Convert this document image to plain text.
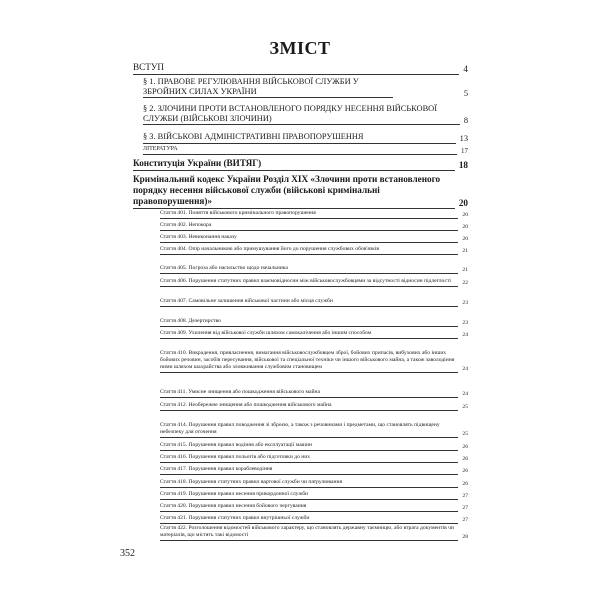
ЗМІСТ
ВСТУП	4
§ 1. ПРАВОВЕ РЕГУЛЮВАННЯ ВІЙСЬКОВОЇ СЛУЖБИ У ЗБРОЙНИХ СИЛАХ УКРАЇНИ	5
§ 2. ЗЛОЧИНИ ПРОТИ ВСТАНОВЛЕНОГО ПОРЯДКУ НЕСЕННЯ ВІЙСЬКОВОЇ СЛУЖБИ (ВІЙСЬКОВІ ЗЛОЧИНИ)	8
§ 3. ВІЙСЬКОВІ АДМІНІСТРАТИВНІ ПРАВОПОРУШЕННЯ	13
ЛІТЕРАТУРА	17
Конституція України (ВИТЯГ)	18
Кримінальний кодекс України Розділ XIX «Злочини проти встановленого порядку несення військової служби (військові кримінальні правопорушення)»	20
Стаття 401. Поняття військового кримінального правопорушення	20
Стаття 402. Непокора	20
Стаття 403. Невиконання наказу	20
Стаття 404. Опір начальникові або примушування його до порушення службових обов'язків	21
Стаття 405. Погроза або насильство щодо начальника	21
Стаття 406. Порушення статутних правил взаємовідносин між військовослужбовцями за відсутності відносин підлеглості	22
Стаття 407. Самовільне залишення військової частини або місця служби	23
Стаття 408. Дезертирство	23
Стаття 409. Ухилення від військової служби шляхом самокалічення або іншим способом	24
Стаття 410. Викрадення, привласнення, вимагання військовослужбовцем зброї, бойових припасів, вибухових або інших бойових речовин, засобів пересування, військової та спеціальної техніки чи іншого військового майна, а також заволодіння ними шляхом шахрайства або зловживання службовим становищем	24
Стаття 411. Умисне знищення або пошкодження військового майна	24
Стаття 412. Необережне знищення або пошкодження військового майна	25
Стаття 414. Порушення правил поводження зі зброєю, а також з речовинами і предметами, що становлять підвищену небезпеку для оточення	25
Стаття 415. Порушення правил водіння або експлуатації машин	26
Стаття 416. Порушення правил польотів або підготовки до них	26
Стаття 417. Порушення правил кораблеводіння	26
Стаття 418. Порушення статутних правил вартової служби чи патрулювання	26
Стаття 419. Порушення правил несення прикордонної служби	27
Стаття 420. Порушення правил несення бойового чергування	27
Стаття 421. Порушення статутних правил внутрішньої служби	27
Стаття 422. Розголошення відомостей військового характеру, що становлять державну таємницю, або втрата документів чи матеріалів, що містять такі відомості	28
352
